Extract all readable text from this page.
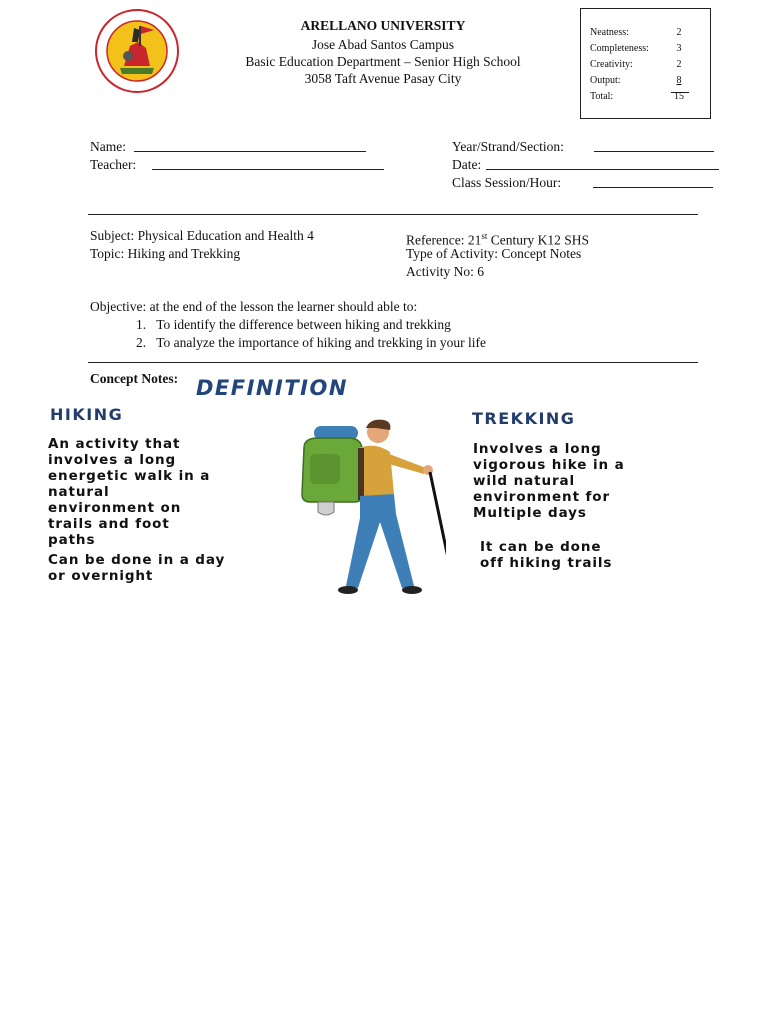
ARELLANO UNIVERSITY
Jose Abad Santos Campus
Basic Education Department – Senior High School
3058 Taft Avenue Pasay City
Neatness:	2
Completeness:	3
Creativity:	2
Output:	8
Total:	15
Name:
Teacher:
Year/Strand/Section:
Date:
Class Session/Hour:
Subject: Physical Education and Health 4
Topic: Hiking and Trekking
Reference: 21st Century K12 SHS
Type of Activity: Concept Notes
Activity No: 6
Objective: at the end of the lesson the learner should able to:
1.   To identify the difference between hiking and trekking
2.   To analyze the importance of hiking and trekking in your life
Concept Notes: DEFINITION
HIKING
An activity that
involves a long
energetic walk in a
natural
environment on
trails and foot
paths
Can be done in a day
or overnight
TREKKING
Involves a long
vigorous hike in a
wild natural
environment for
Multiple days
It can be done
off hiking trails
